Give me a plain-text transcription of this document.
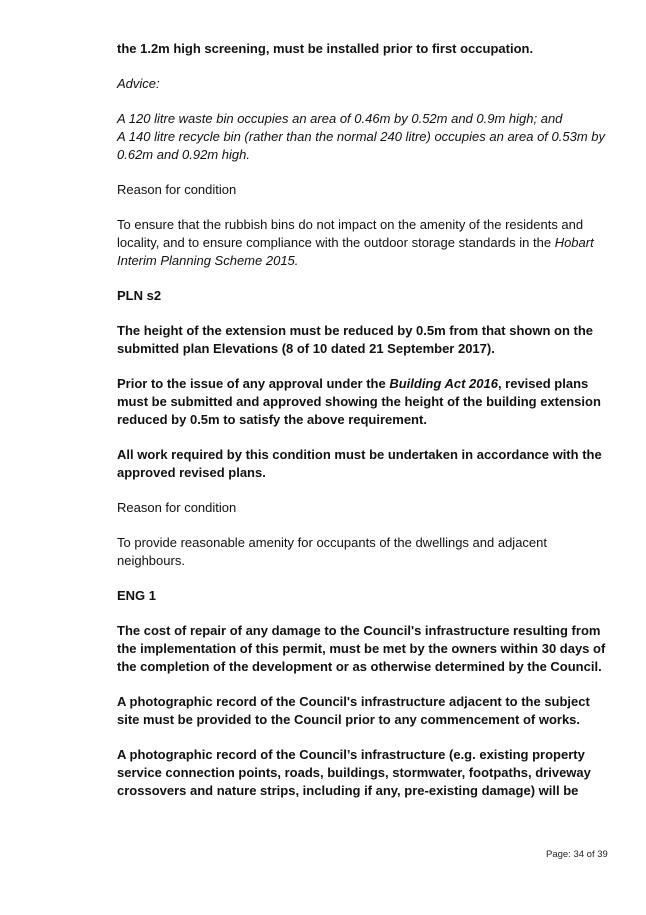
the 1.2m high screening, must be installed prior to first occupation.

Advice:

A 120 litre waste bin occupies an area of 0.46m by 0.52m and 0.9m high; and
A 140 litre recycle bin (rather than the normal 240 litre) occupies an area of 0.53m by 0.62m and 0.92m high.

Reason for condition

To ensure that the rubbish bins do not impact on the amenity of the residents and locality, and to ensure compliance with the outdoor storage standards in the Hobart Interim Planning Scheme 2015.

PLN s2

The height of the extension must be reduced by 0.5m from that shown on the submitted plan Elevations (8 of 10 dated 21 September 2017).

Prior to the issue of any approval under the Building Act 2016, revised plans must be submitted and approved showing the height of the building extension reduced by 0.5m to satisfy the above requirement.

All work required by this condition must be undertaken in accordance with the approved revised plans.

Reason for condition

To provide reasonable amenity for occupants of the dwellings and adjacent neighbours.

ENG 1

The cost of repair of any damage to the Council's infrastructure resulting from the implementation of this permit, must be met by the owners within 30 days of the completion of the development or as otherwise determined by the Council.

A photographic record of the Council's infrastructure adjacent to the subject site must be provided to the Council prior to any commencement of works.

A photographic record of the Council’s infrastructure (e.g. existing property service connection points, roads, buildings, stormwater, footpaths, driveway crossovers and nature strips, including if any, pre-existing damage) will be

Page: 34 of 39
